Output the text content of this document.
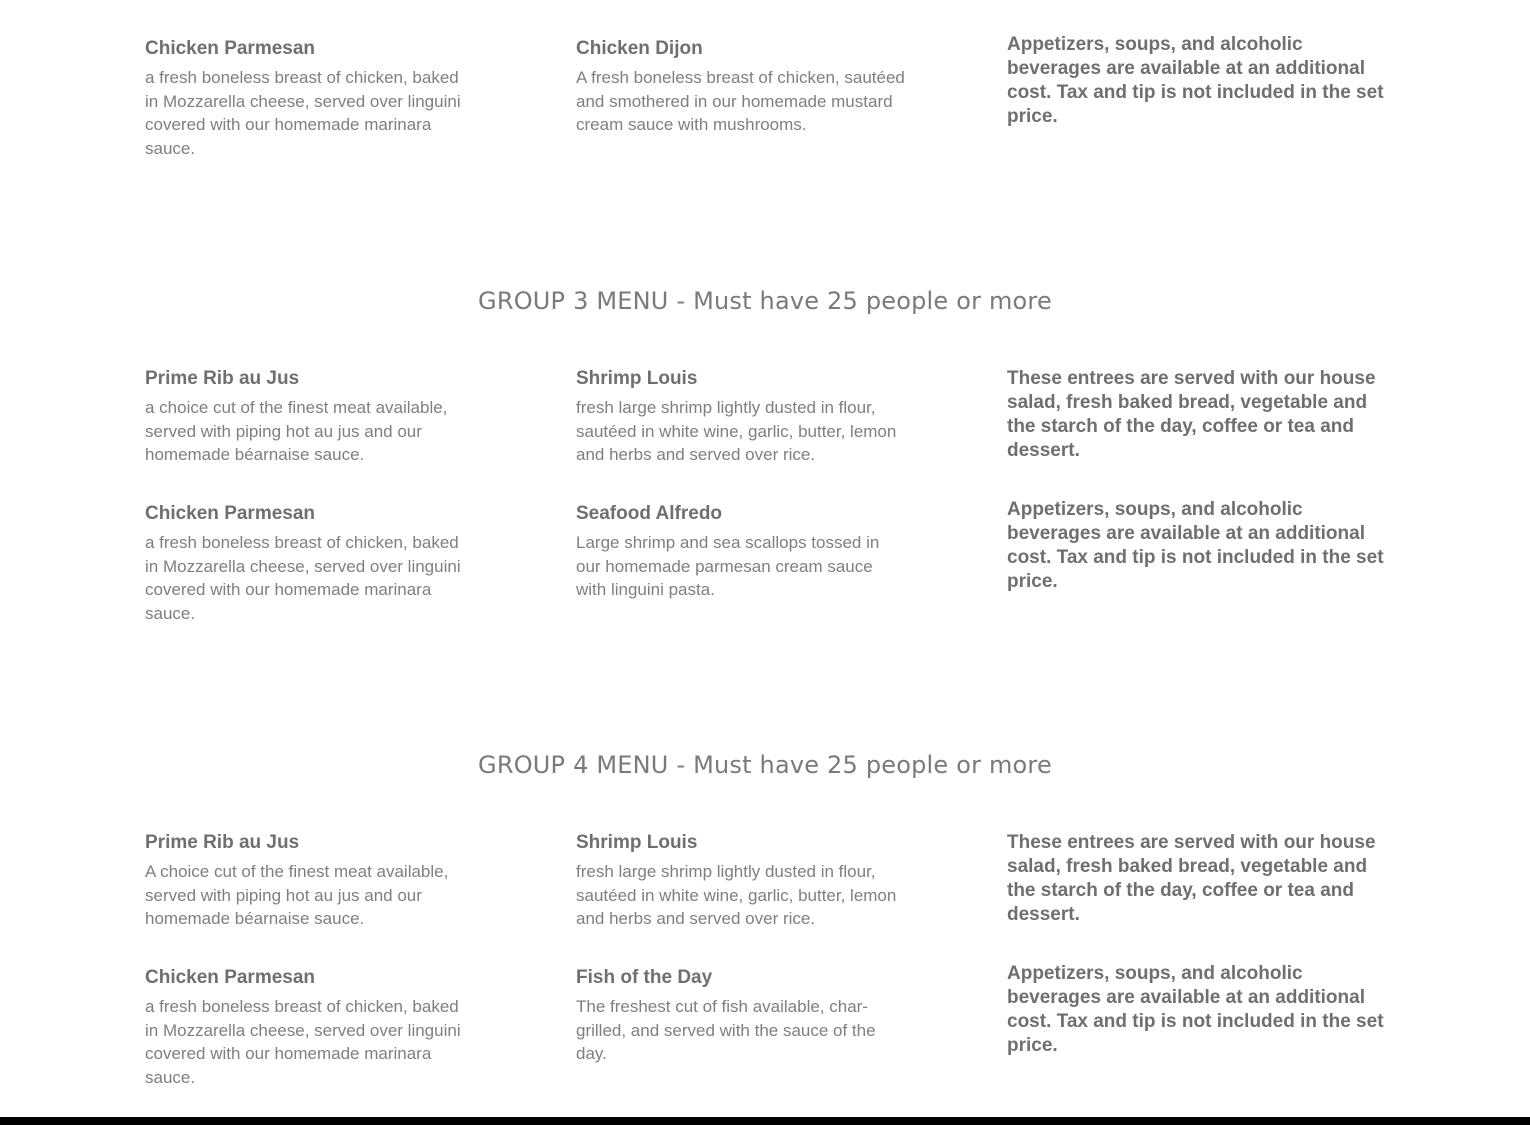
Chicken Parmesan

a fresh boneless breast of chicken, baked in Mozzarella cheese, served over linguini covered with our homemade marinara sauce.

Chicken Dijon

A fresh boneless breast of chicken, sautéed and smothered in our homemade mustard cream sauce with mushrooms.

Appetizers, soups, and alcoholic beverages are available at an additional cost. Tax and tip is not included in the set price.

GROUP 3 MENU - Must have 25 people or more
Prime Rib au Jus

a choice cut of the finest meat available, served with piping hot au jus and our homemade béarnaise sauce.

Chicken Parmesan

a fresh boneless breast of chicken, baked in Mozzarella cheese, served over linguini covered with our homemade marinara sauce.

Shrimp Louis

fresh large shrimp lightly dusted in flour, sautéed in white wine, garlic, butter, lemon and herbs and served over rice.

Seafood Alfredo

Large shrimp and sea scallops tossed in our homemade parmesan cream sauce with linguini pasta.

These entrees are served with our house salad, fresh baked bread, vegetable and the starch of the day, coffee or tea and dessert.

Appetizers, soups, and alcoholic beverages are available at an additional cost. Tax and tip is not included in the set price.

GROUP 4 MENU - Must have 25 people or more
Prime Rib au Jus

A choice cut of the finest meat available, served with piping hot au jus and our homemade béarnaise sauce.

Chicken Parmesan

a fresh boneless breast of chicken, baked in Mozzarella cheese, served over linguini covered with our homemade marinara sauce.

Shrimp Louis

fresh large shrimp lightly dusted in flour, sautéed in white wine, garlic, butter, lemon and herbs and served over rice.

Fish of the Day

The freshest cut of fish available, char-grilled, and served with the sauce of the day.

These entrees are served with our house salad, fresh baked bread, vegetable and the starch of the day, coffee or tea and dessert.

Appetizers, soups, and alcoholic beverages are available at an additional cost. Tax and tip is not included in the set price.
